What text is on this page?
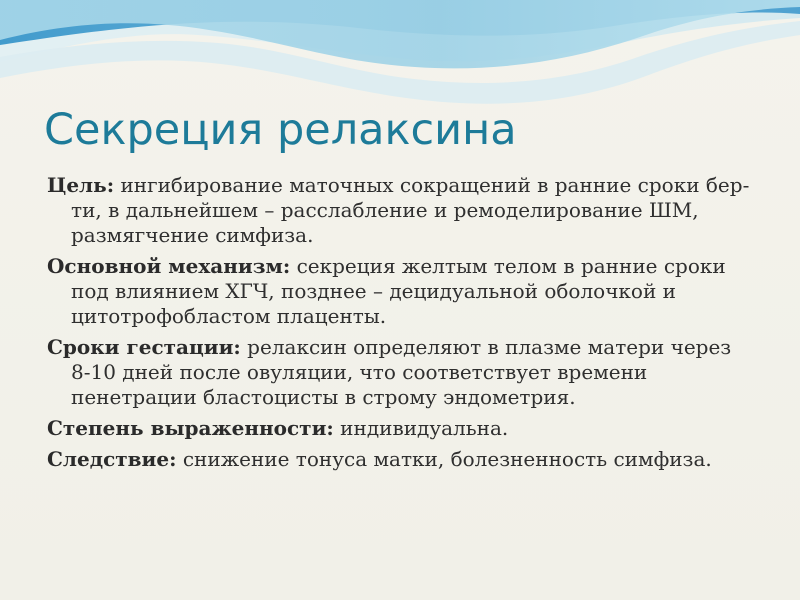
Секреция релаксина

Цель: ингибирование маточных сокращений в ранние сроки бер-ти, в дальнейшем – расслабление и ремоделирование ШМ, размягчение симфиза.

Основной механизм: секреция желтым телом в ранние сроки под влиянием ХГЧ, позднее – децидуальной оболочкой и цитотрофобластом плаценты.

Сроки гестации: релаксин определяют в плазме матери через 8-10 дней после овуляции, что соответствует времени пенетрации бластоцисты в строму эндометрия.

Степень выраженности: индивидуальна.

Следствие: снижение тонуса матки, болезненность симфиза.
